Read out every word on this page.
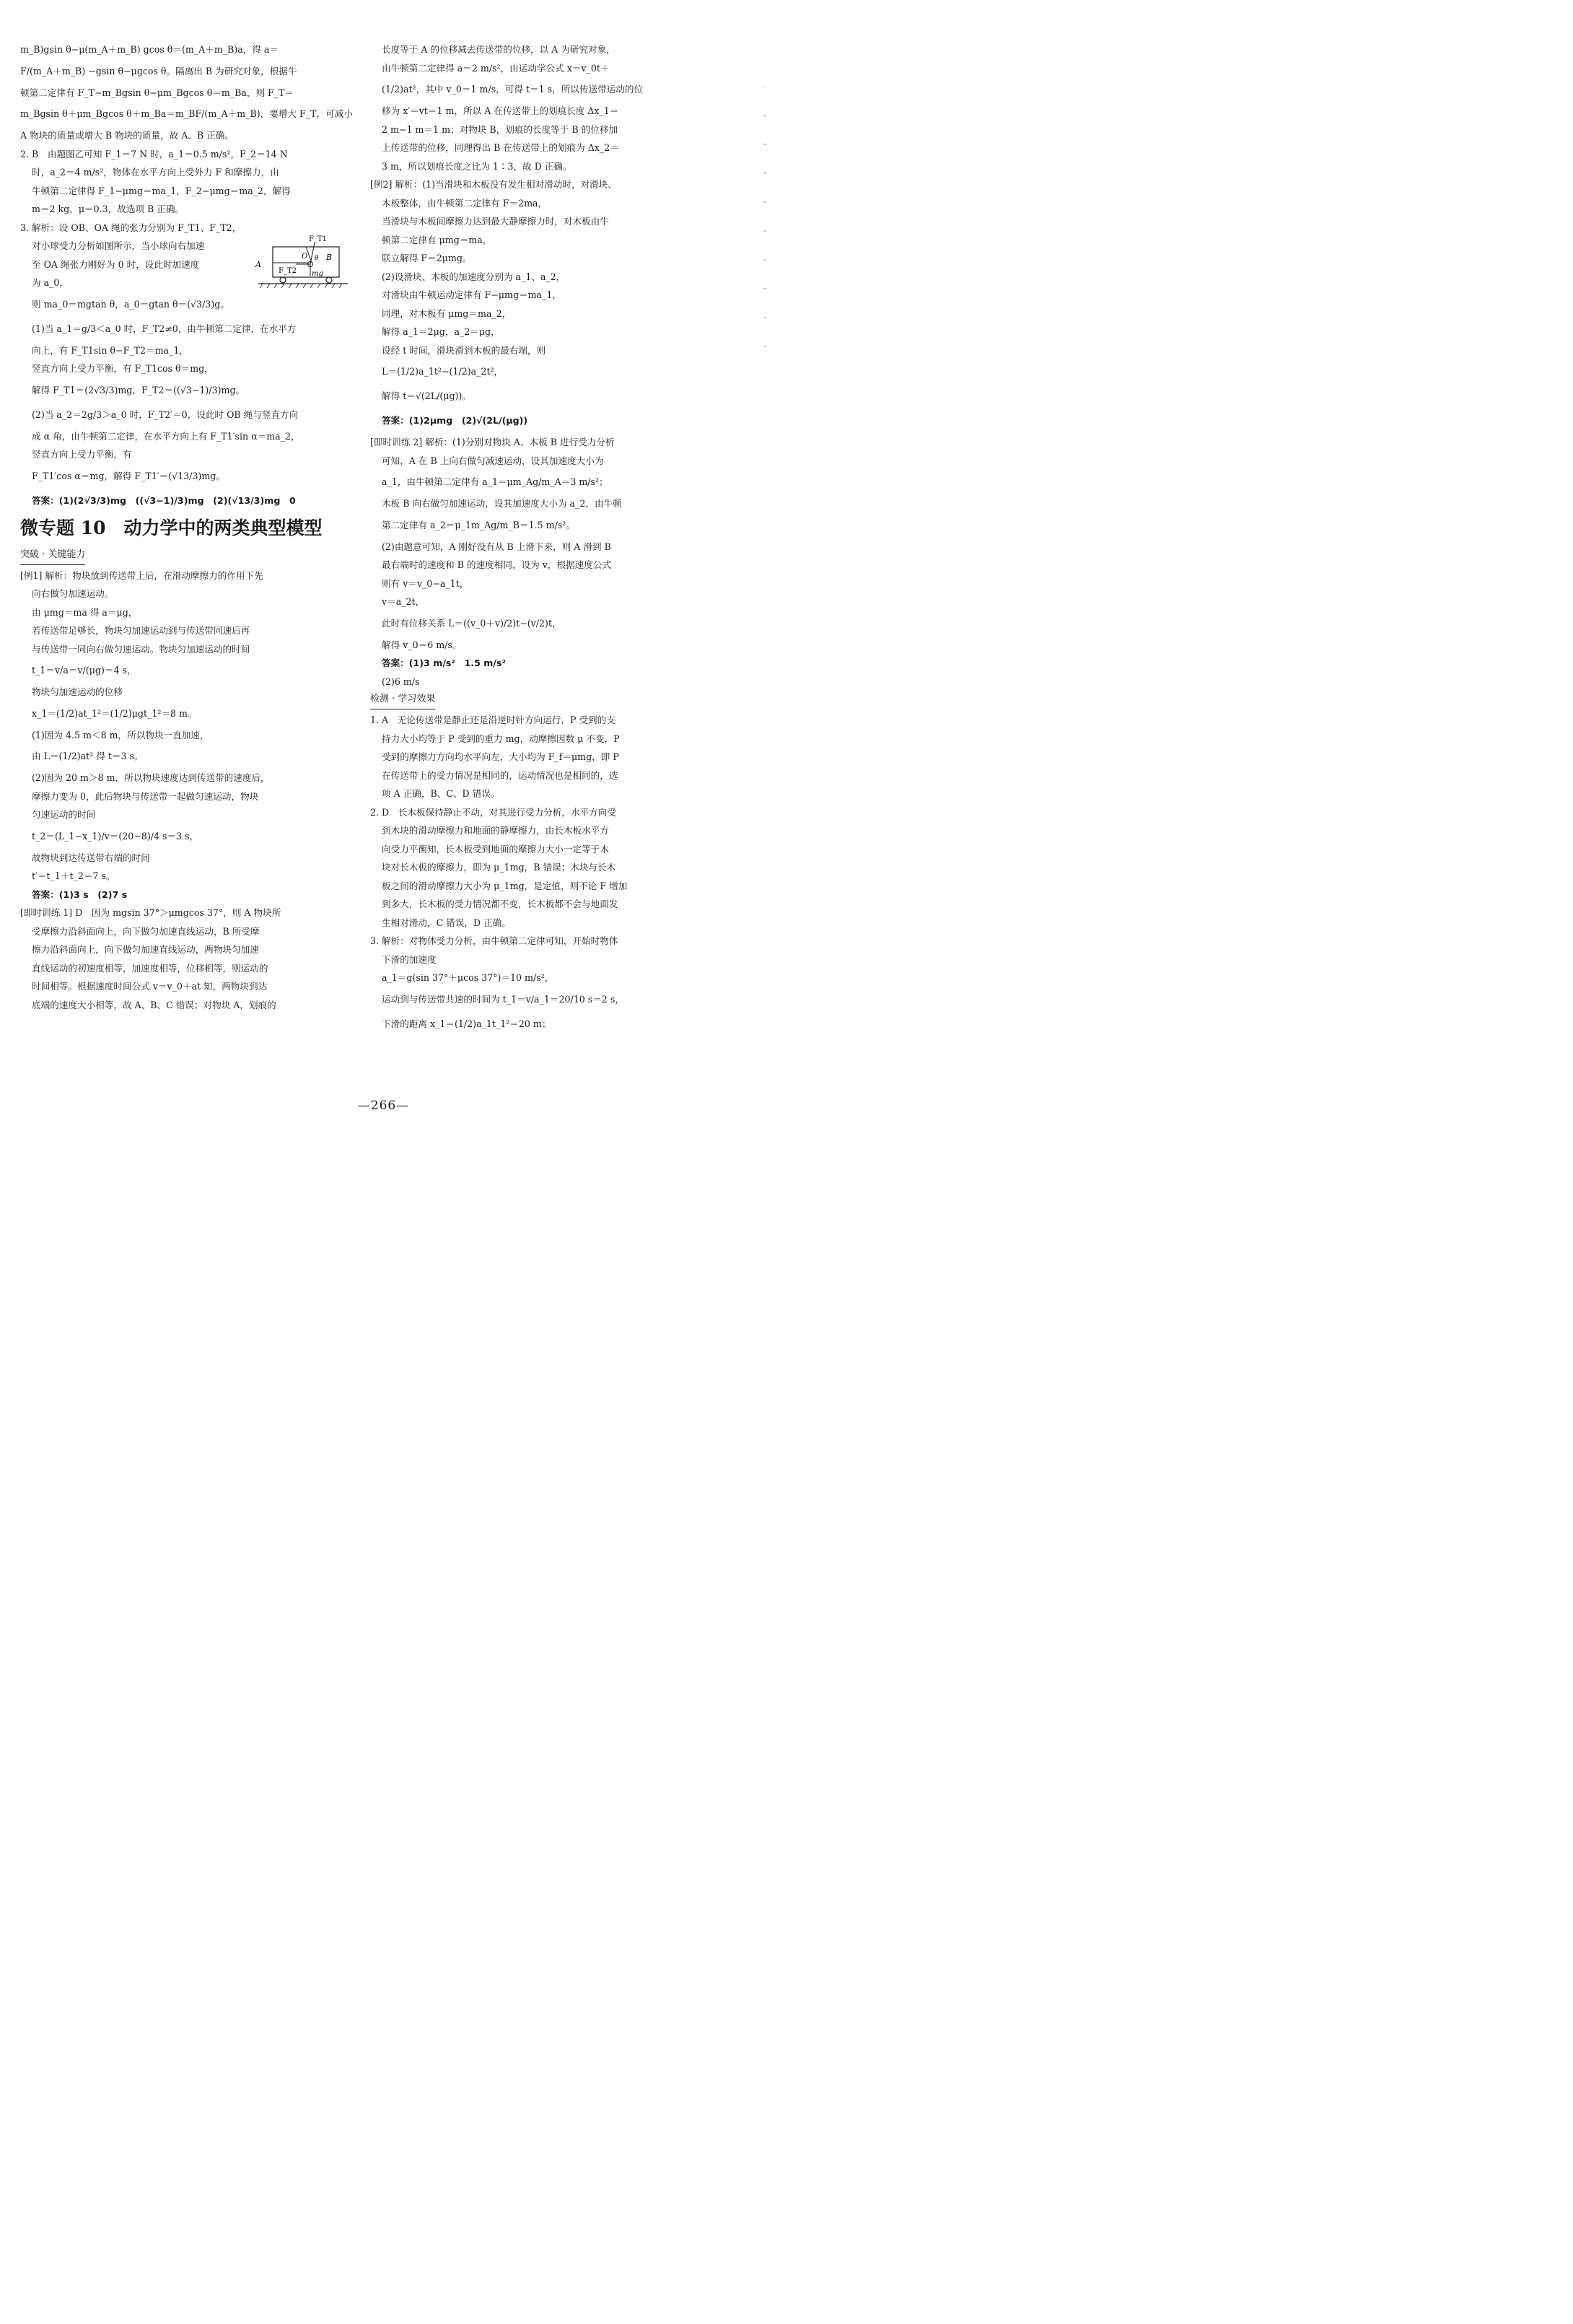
m_B)gsin θ−μ(m_A＋m_B) gcos θ＝(m_A＋m_B)a，得 a＝
F/(m_A＋m_B) −gsin θ−μgcos θ。隔离出 B 为研究对象，根据牛
顿第二定律有 F_T−m_Bgsin θ−μm_Bgcos θ＝m_Ba，则 F_T＝
m_Bgsin θ＋μm_Bgcos θ＋m_Ba＝m_BF/(m_A＋m_B)，要增大 F_T，可减小
A 物块的质量或增大 B 物块的质量，故 A、B 正确。
2. B　由题图乙可知 F_1＝7 N 时，a_1＝0.5 m/s²，F_2＝14 N
时，a_2＝4 m/s²，物体在水平方向上受外力 F 和摩擦力，由
牛顿第二定律得 F_1−μmg＝ma_1，F_2−μmg＝ma_2，解得
m＝2 kg，μ＝0.3，故选项 B 正确。
3. 解析：设 OB、OA 绳的张力分别为 F_T1、F_T2，
对小球受力分析如图所示，当小球向右加速
至 OA 绳张力刚好为 0 时，设此时加速度
为 a_0，
则 ma_0＝mgtan θ，a_0＝gtan θ＝(√3/3)g。
(1)当 a_1＝g/3＜a_0 时，F_T2≠0，由牛顿第二定律，在水平方
向上，有 F_T1sin θ−F_T2＝ma_1，
竖直方向上受力平衡，有 F_T1cos θ＝mg，
解得 F_T1＝(2√3/3)mg，F_T2＝((√3−1)/3)mg。
(2)当 a_2＝2g/3＞a_0 时，F_T2′＝0，设此时 OB 绳与竖直方向
成 α 角，由牛顿第二定律，在水平方向上有 F_T1′sin α＝ma_2，
竖直方向上受力平衡，有
F_T1′cos α＝mg，解得 F_T1′＝(√13/3)mg。
答案：(1)(2√3/3)mg　((√3−1)/3)mg　(2)(√13/3)mg　0
微专题 10　动力学中的两类典型模型
突破 · 关键能力
[例1] 解析：物块放到传送带上后，在滑动摩擦力的作用下先
向右做匀加速运动。
由 μmg＝ma 得 a＝μg，
若传送带足够长，物块匀加速运动到与传送带同速后再
与传送带一同向右做匀速运动。物块匀加速运动的时间
t_1＝v/a＝v/(μg)＝4 s，
物块匀加速运动的位移
x_1＝(1/2)at_1²＝(1/2)μgt_1²＝8 m。
(1)因为 4.5 m＜8 m，所以物块一直加速，
由 L＝(1/2)at² 得 t＝3 s。
(2)因为 20 m＞8 m，所以物块速度达到传送带的速度后，
摩擦力变为 0，此后物块与传送带一起做匀速运动，物块
匀速运动的时间
t_2＝(L_1−x_1)/v＝(20−8)/4 s＝3 s，
故物块到达传送带右端的时间
t′＝t_1＋t_2＝7 s。
答案：(1)3 s　(2)7 s
[即时训练 1] D　因为 mgsin 37°＞μmgcos 37°，则 A 物块所
受摩擦力沿斜面向上，向下做匀加速直线运动，B 所受摩
擦力沿斜面向上，向下做匀加速直线运动，两物块匀加速
直线运动的初速度相等，加速度相等，位移相等，则运动的
时间相等。根据速度时间公式 v＝v_0＋at 知，两物块到达
底端的速度大小相等，故 A、B、C 错误；对物块 A，划痕的
F_T1
O θ B
A
F_T2 mg
长度等于 A 的位移减去传送带的位移，以 A 为研究对象，
由牛顿第二定律得 a＝2 m/s²，由运动学公式 x＝v_0t＋
(1/2)at²，其中 v_0＝1 m/s，可得 t＝1 s，所以传送带运动的位
移为 x′＝vt＝1 m，所以 A 在传送带上的划痕长度 Δx_1＝
2 m−1 m＝1 m；对物块 B，划痕的长度等于 B 的位移加
上传送带的位移，同理得出 B 在传送带上的划痕为 Δx_2＝
3 m，所以划痕长度之比为 1∶3，故 D 正确。
[例2] 解析：(1)当滑块和木板没有发生相对滑动时，对滑块、
木板整体，由牛顿第二定律有 F＝2ma，
当滑块与木板间摩擦力达到最大静摩擦力时，对木板由牛
顿第二定律有 μmg＝ma，
联立解得 F＝2μmg。
(2)设滑块、木板的加速度分别为 a_1、a_2，
对滑块由牛顿运动定律有 F−μmg＝ma_1，
同理，对木板有 μmg＝ma_2，
解得 a_1＝2μg，a_2＝μg，
设经 t 时间，滑块滑到木板的最右端，则
L＝(1/2)a_1t²−(1/2)a_2t²，
解得 t＝√(2L/(μg))。
答案：(1)2μmg　(2)√(2L/(μg))
[即时训练 2] 解析：(1)分别对物块 A、木板 B 进行受力分析
可知，A 在 B 上向右做匀减速运动，设其加速度大小为
a_1，由牛顿第二定律有 a_1＝μm_Ag/m_A＝3 m/s²；
木板 B 向右做匀加速运动，设其加速度大小为 a_2，由牛顿
第二定律有 a_2＝μ_1m_Ag/m_B＝1.5 m/s²。
(2)由题意可知，A 刚好没有从 B 上滑下来，则 A 滑到 B
最右端时的速度和 B 的速度相同，设为 v，根据速度公式
则有 v＝v_0−a_1t，
v＝a_2t，
此时有位移关系 L＝((v_0＋v)/2)t−(v/2)t，
解得 v_0＝6 m/s。
答案：(1)3 m/s²　1.5 m/s²
(2)6 m/s
检测 · 学习效果
1. A　无论传送带是静止还是沿逆时针方向运行，P 受到的支
持力大小均等于 P 受到的重力 mg，动摩擦因数 μ 不变，P
受到的摩擦力方向均水平向左，大小均为 F_f＝μmg，即 P
在传送带上的受力情况是相同的，运动情况也是相同的，选
项 A 正确，B、C、D 错误。
2. D　长木板保持静止不动，对其进行受力分析，水平方向受
到木块的滑动摩擦力和地面的静摩擦力，由长木板水平方
向受力平衡知，长木板受到地面的摩擦力大小一定等于木
块对长木板的摩擦力，即为 μ_1mg，B 错误；木块与长木
板之间的滑动摩擦力大小为 μ_1mg，是定值，则不论 F 增加
到多大，长木板的受力情况都不变，长木板都不会与地面发
生相对滑动，C 错误，D 正确。
3. 解析：对物体受力分析，由牛顿第二定律可知，开始时物体
下滑的加速度
a_1＝g(sin 37°＋μcos 37°)＝10 m/s²，
运动到与传送带共速的时间为 t_1＝v/a_1＝20/10 s＝2 s，
下滑的距离 x_1＝(1/2)a_1t_1²＝20 m；
—266—
